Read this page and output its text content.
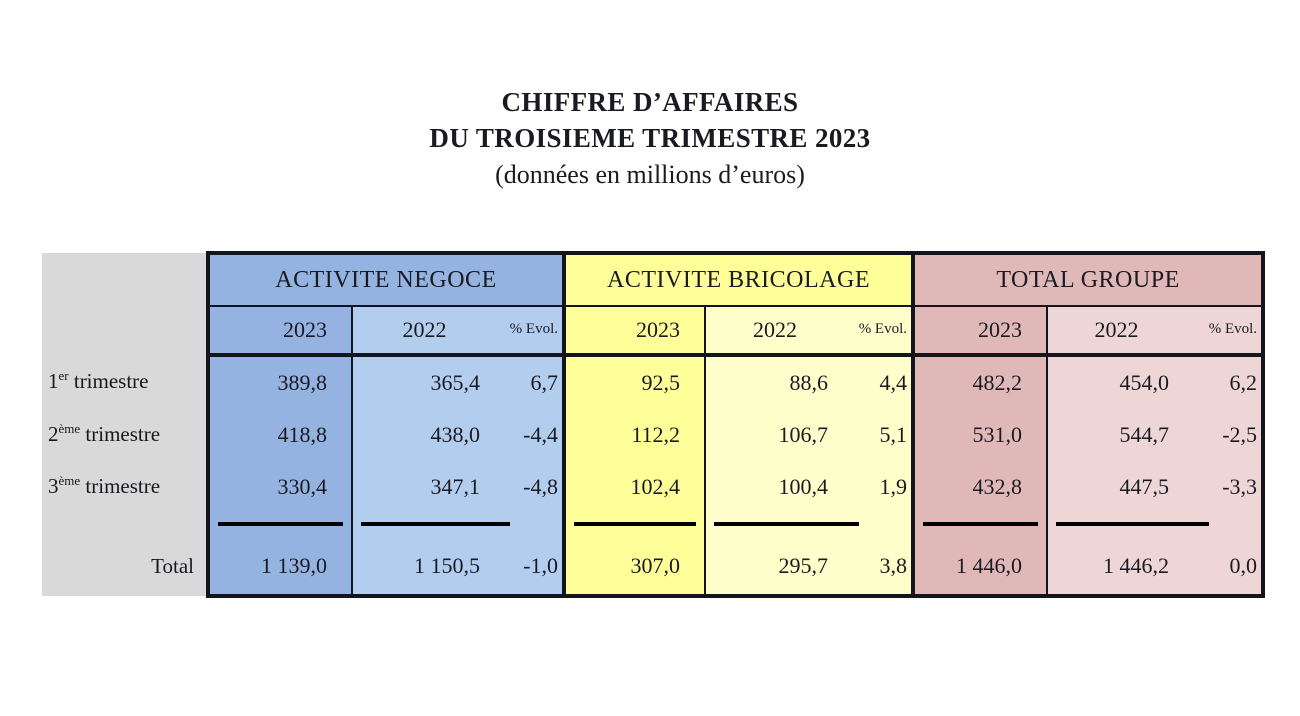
CHIFFRE D’AFFAIRES
DU TROISIEME TRIMESTRE 2023
(données en millions d’euros)
	ACTIVITE NEGOCE			ACTIVITE BRICOLAGE			TOTAL GROUPE		
	2023	2022	% Evol.	2023	2022	% Evol.	2023	2022	% Evol.
1er trimestre	389,8	365,4	6,7	92,5	88,6	4,4	482,2	454,0	6,2
2ème trimestre	418,8	438,0	-4,4	112,2	106,7	5,1	531,0	544,7	-2,5
3ème trimestre	330,4	347,1	-4,8	102,4	100,4	1,9	432,8	447,5	-3,3

Total	1 139,0	1 150,5	-1,0	307,0	295,7	3,8	1 446,0	1 446,2	0,0
